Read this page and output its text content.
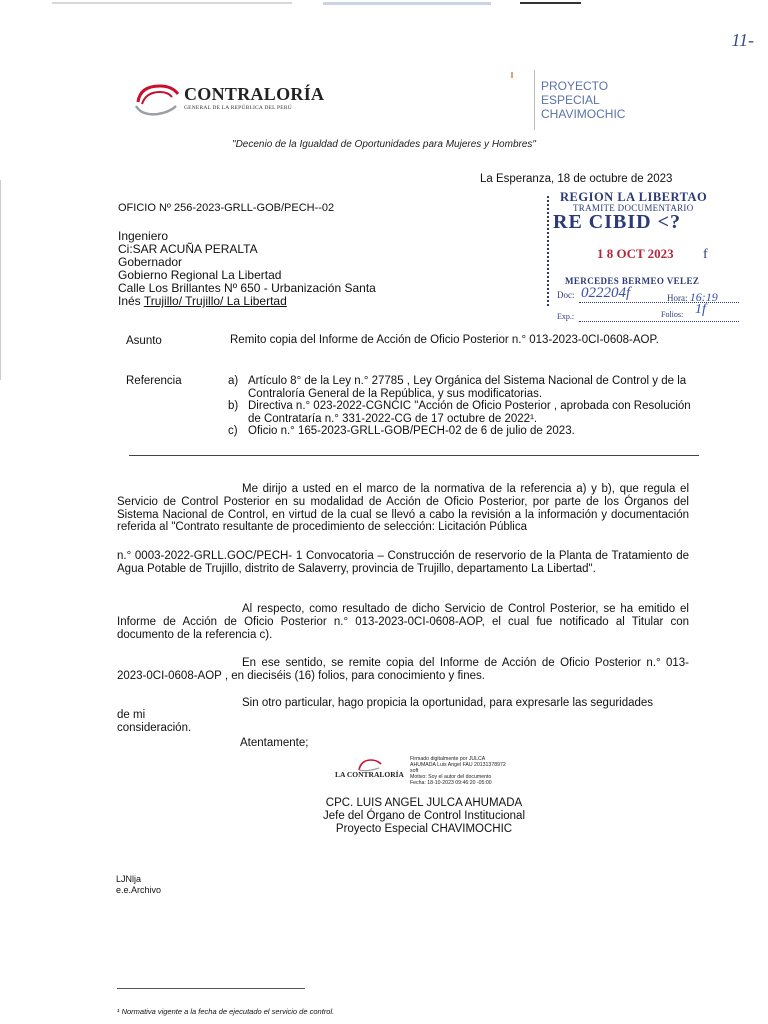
11-
CONTRALORÍA
GENERAL DE LA REPÚBLICA DEL PERÚ
PROYECTO
ESPECIAL
CHAVIMOCHIC
"Decenio de la Igualdad de Oportunidades para Mujeres y Hombres"
La Esperanza, 18 de octubre de 2023
OFICIO Nº 256-2023-GRLL-GOB/PECH--02
Ingeniero
Ci:SAR ACUÑA PERALTA
Gobernador
Gobierno Regional La Libertad
Calle Los Brillantes Nº 650 - Urbanización Santa
Inés Trujillo/ Trujillo/ La Libertad
REGION LA LIBERTAO
TRAMITE DOCUMENTARIO
RE CIBID <?
1 8 OCT 2023 f
MERCEDES BERMEO VELEZ
Doc: 022204f	Hora: 16:19
Exp.:	Folios: 1f
Asunto	Remito copia del Informe de Acción de Oficio Posterior n.° 013-2023-0CI-0608-AOP.
Referencia	a) Artículo 8° de la Ley n.° 27785 , Ley Orgánica del Sistema Nacional de Control y de la Contraloría General de la República, y sus modificatorias.
b) Directiva n.° 023-2022-CGNCIC "Acción de Oficio Posterior , aprobada con Resolución de Contrataría n.° 331-2022-CG de 17 octubre de 2022¹.
c) Oficio n.° 165-2023-GRLL-GOB/PECH-02 de 6 de julio de 2023.
Me dirijo a usted en el marco de la normativa de la referencia a) y b), que regula el Servicio de Control Posterior en su modalidad de Acción de Oficio Posterior, por parte de los Órganos del Sistema Nacional de Control, en virtud de la cual se llevó a cabo la revisión a la información y documentación referida al "Contrato resultante de procedimiento de selección: Licitación Pública
n.° 0003-2022-GRLL.GOC/PECH- 1 Convocatoria – Construcción de reservorio de la Planta de Tratamiento de Agua Potable de Trujillo, distrito de Salaverry, provincia de Trujillo, departamento La Libertad".
Al respecto, como resultado de dicho Servicio de Control Posterior, se ha emitido el Informe de Acción de Oficio Posterior n.° 013-2023-0CI-0608-AOP, el cual fue notificado al Titular con documento de la referencia c).
En ese sentido, se remite copia del Informe de Acción de Oficio Posterior n.° 013- 2023-0CI-0608-AOP , en dieciséis (16) folios, para conocimiento y fines.
Sin otro particular, hago propicia la oportunidad, para expresarle las seguridades
de mi
consideración.
Atentamente;
LA CONTRALORÍA
Firmado digitalmente por JULCA
AHUMADA Luis Angel FAU 20131378972
soft
Motivo: Soy el autor del documento
Fecha: 18-10-2023 09:46:20 -05:00
CPC. LUIS ANGEL JULCA AHUMADA
Jefe del Órgano de Control Institucional
Proyecto Especial CHAVIMOCHIC
LJNlja
e.e.Archivo
¹ Normativa vigente a la fecha de ejecutado el servicio de control.
